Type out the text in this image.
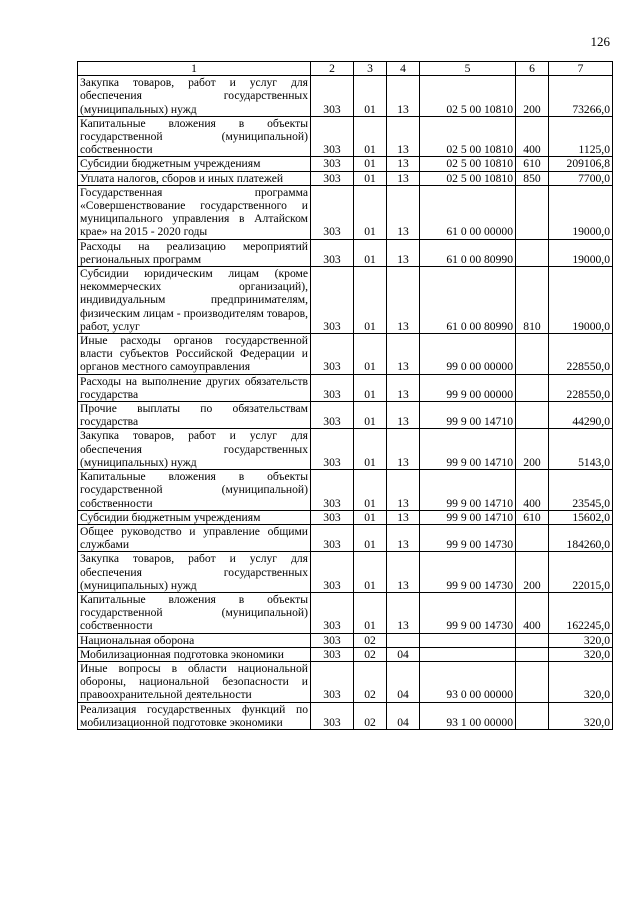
126
1	2	3	4	5	6	7
Закупка товаров, работ и услуг для обеспечения государственных (муниципальных) нужд	303	01	13	02 5 00 10810	200	73266,0
Капитальные вложения в объекты государственной (муниципальной) собственности	303	01	13	02 5 00 10810	400	1125,0
Субсидии бюджетным учреждениям	303	01	13	02 5 00 10810	610	209106,8
Уплата налогов, сборов и иных платежей	303	01	13	02 5 00 10810	850	7700,0
Государственная программа «Совершенствование государственного и муниципального управления в Алтайском крае» на 2015 - 2020 годы	303	01	13	61 0 00 00000		19000,0
Расходы на реализацию мероприятий региональных программ	303	01	13	61 0 00 80990		19000,0
Субсидии юридическим лицам (кроме некоммерческих организаций), индивидуальным предпринимателям, физическим лицам - производителям товаров, работ, услуг	303	01	13	61 0 00 80990	810	19000,0
Иные расходы органов государственной власти субъектов Российской Федерации и органов местного самоуправления	303	01	13	99 0 00 00000		228550,0
Расходы на выполнение других обязательств государства	303	01	13	99 9 00 00000		228550,0
Прочие выплаты по обязательствам государства	303	01	13	99 9 00 14710		44290,0
Закупка товаров, работ и услуг для обеспечения государственных (муниципальных) нужд	303	01	13	99 9 00 14710	200	5143,0
Капитальные вложения в объекты государственной (муниципальной) собственности	303	01	13	99 9 00 14710	400	23545,0
Субсидии бюджетным учреждениям	303	01	13	99 9 00 14710	610	15602,0
Общее руководство и управление общими службами	303	01	13	99 9 00 14730		184260,0
Закупка товаров, работ и услуг для обеспечения государственных (муниципальных) нужд	303	01	13	99 9 00 14730	200	22015,0
Капитальные вложения в объекты государственной (муниципальной) собственности	303	01	13	99 9 00 14730	400	162245,0
Национальная оборона	303	02				320,0
Мобилизационная подготовка экономики	303	02	04			320,0
Иные вопросы в области национальной обороны, национальной безопасности и правоохранительной деятельности	303	02	04	93 0 00 00000		320,0
Реализация государственных функций по мобилизационной подготовке экономики	303	02	04	93 1 00 00000		320,0
